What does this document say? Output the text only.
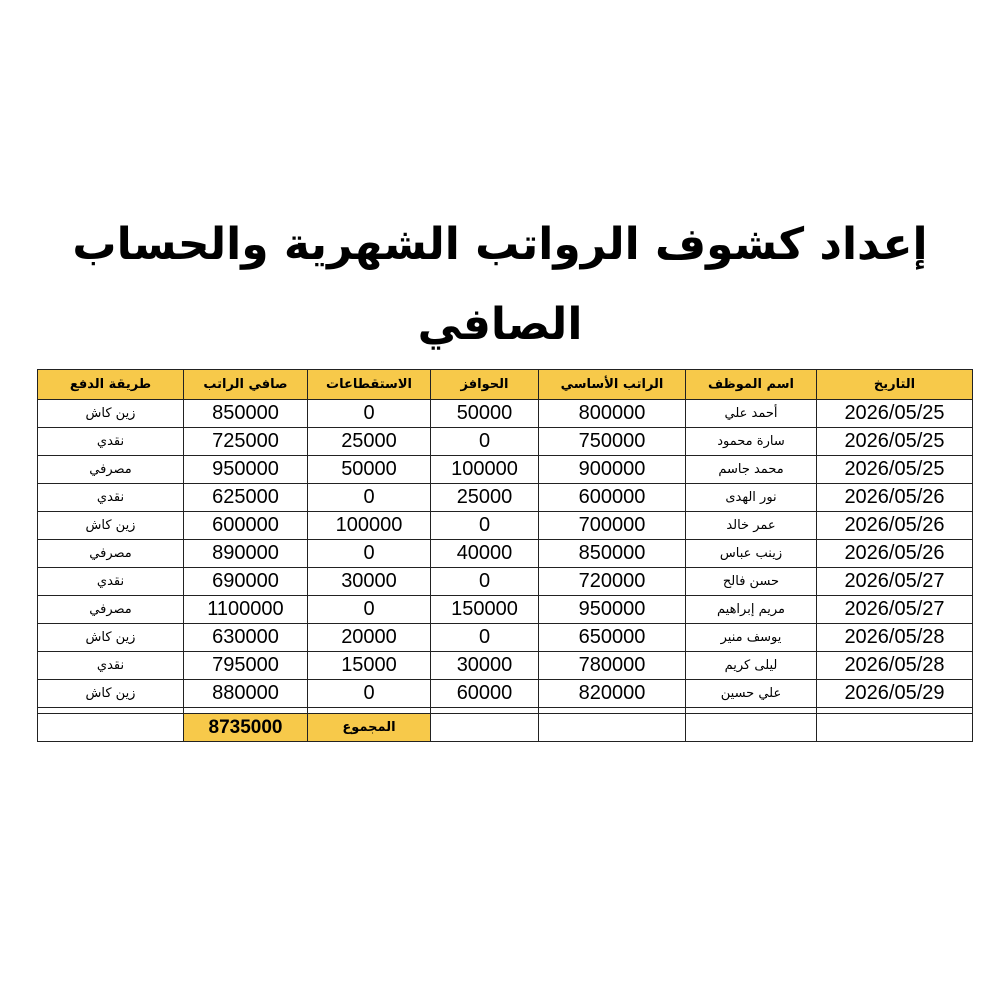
إعداد كشوف الرواتب الشهرية والحساب الصافي
التاريخ	اسم الموظف	الراتب الأساسي	الحوافز	الاستقطاعات	صافي الراتب	طريقة الدفع
2026/05/25	أحمد علي	800000	50000	0	850000	زين كاش
2026/05/25	سارة محمود	750000	0	25000	725000	نقدي
2026/05/25	محمد جاسم	900000	100000	50000	950000	مصرفي
2026/05/26	نور الهدى	600000	25000	0	625000	نقدي
2026/05/26	عمر خالد	700000	0	100000	600000	زين كاش
2026/05/26	زينب عباس	850000	40000	0	890000	مصرفي
2026/05/27	حسن فالح	720000	0	30000	690000	نقدي
2026/05/27	مريم إبراهيم	950000	150000	0	1100000	مصرفي
2026/05/28	يوسف منير	650000	0	20000	630000	زين كاش
2026/05/28	ليلى كريم	780000	30000	15000	795000	نقدي
2026/05/29	علي حسين	820000	60000	0	880000	زين كاش

				المجموع	8735000	
